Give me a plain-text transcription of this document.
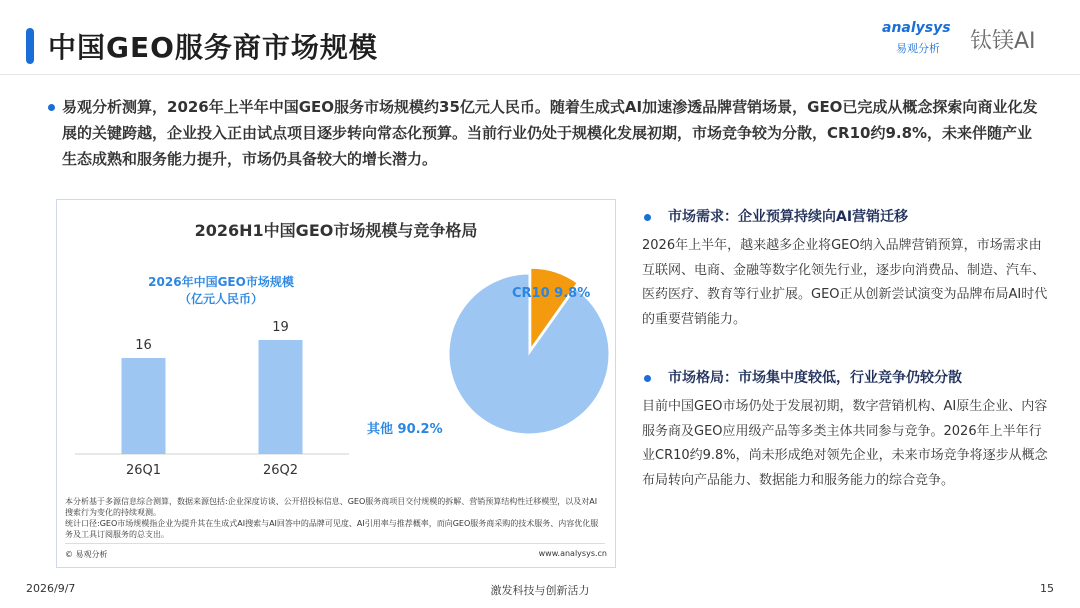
中国GEO服务商市场规模
analysys
易观分析 钛镁AI
易观分析测算，2026年上半年中国GEO服务市场规模约35亿元人民币。随着生成式AI加速渗透品牌营销场景，GEO已完成从概念探索向商业化发展的关键跨越，企业投入正由试点项目逐步转向常态化预算。当前行业仍处于规模化发展初期，市场竞争较为分散，CR10约9.8%，未来伴随产业生态成熟和服务能力提升，市场仍具备较大的增长潜力。
2026H1中国GEO市场规模与竞争格局
2026年中国GEO市场规模
（亿元人民币）
16
26Q1
19
26Q2
CR10 9.8%
其他 90.2%
本分析基于多源信息综合测算，数据来源包括:企业深度访谈、公开招投标信息、GEO服务商项目交付规模的拆解、营销预算结构性迁移模型，以及对AI搜索行为变化的持续观测。
统计口径:GEO市场规模指企业为提升其在生成式AI搜索与AI回答中的品牌可见度、AI引用率与推荐概率，而向GEO服务商采购的技术服务、内容优化服务及工具订阅服务的总支出。
© 易观分析	www.analysys.cn
市场需求：企业预算持续向AI营销迁移
2026年上半年，越来越多企业将GEO纳入品牌营销预算，市场需求由互联网、电商、金融等数字化领先行业，逐步向消费品、制造、汽车、医药医疗、教育等行业扩展。GEO正从创新尝试演变为品牌布局AI时代的重要营销能力。
市场格局：市场集中度较低，行业竞争仍较分散
目前中国GEO市场仍处于发展初期，数字营销机构、AI原生企业、内容服务商及GEO应用级产品等多类主体共同参与竞争。2026年上半年行业CR10约9.8%，尚未形成绝对领先企业，未来市场竞争将逐步从概念布局转向产品能力、数据能力和服务能力的综合竞争。
2026/9/7	激发科技与创新活力	15
